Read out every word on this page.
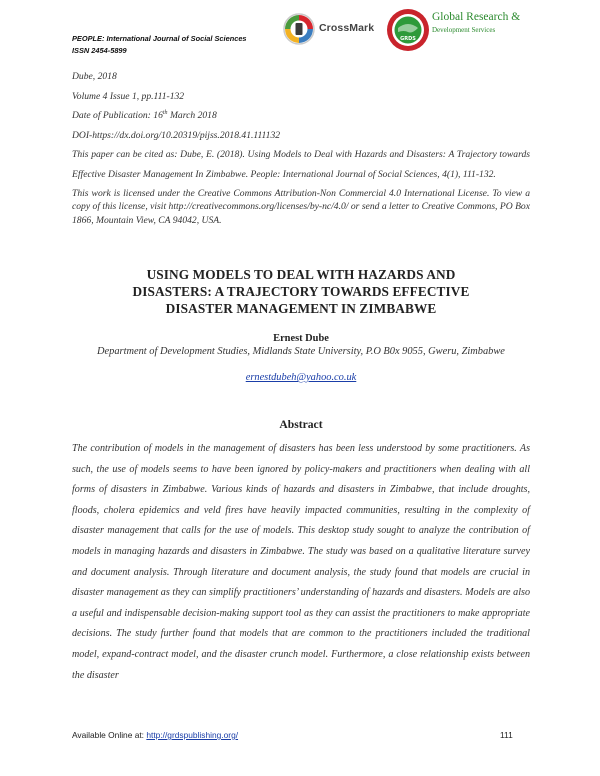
PEOPLE: International Journal of Social Sciences
ISSN 2454-5899
CrossMark
GRDS
Global Research &
Development Services

Dube, 2018

Volume 4 Issue 1, pp.111-132

Date of Publication: 16th March 2018

DOI-https://dx.doi.org/10.20319/pijss.2018.41.111132

This paper can be cited as: Dube, E. (2018). Using Models to Deal with Hazards and Disasters: A Trajectory towards Effective Disaster Management In Zimbabwe. People: International Journal of Social Sciences, 4(1), 111-132.

This work is licensed under the Creative Commons Attribution-Non Commercial 4.0 International License. To view a copy of this license, visit http://creativecommons.org/licenses/by-nc/4.0/ or send a letter to Creative Commons, PO Box 1866, Mountain View, CA 94042, USA.

USING MODELS TO DEAL WITH HAZARDS AND
DISASTERS: A TRAJECTORY TOWARDS EFFECTIVE
DISASTER MANAGEMENT IN ZIMBABWE
Ernest Dube
Department of Development Studies, Midlands State University, P.O B0x 9055, Gweru, Zimbabwe
ernestdubeh@yahoo.co.uk
Abstract

The contribution of models in the management of disasters has been less understood by some practitioners. As such, the use of models seems to have been ignored by policy-makers and practitioners when dealing with all forms of disasters in Zimbabwe. Various kinds of hazards and disasters in Zimbabwe, that include droughts, floods, cholera epidemics and veld fires have heavily impacted communities, resulting in the complexity of disaster management that calls for the use of models. This desktop study sought to analyze the contribution of models in managing hazards and disasters in Zimbabwe. The study was based on a qualitative literature survey and document analysis. Through literature and document analysis, the study found that models are crucial in disaster management as they can simplify practitioners’ understanding of hazards and disasters. Models are also a useful and indispensable decision-making support tool as they can assist the practitioners to make appropriate decisions. The study further found that models that are common to the practitioners included the traditional model, expand-contract model, and the disaster crunch model. Furthermore, a close relationship exists between the disaster

Available Online at: http://grdspublishing.org/	111
